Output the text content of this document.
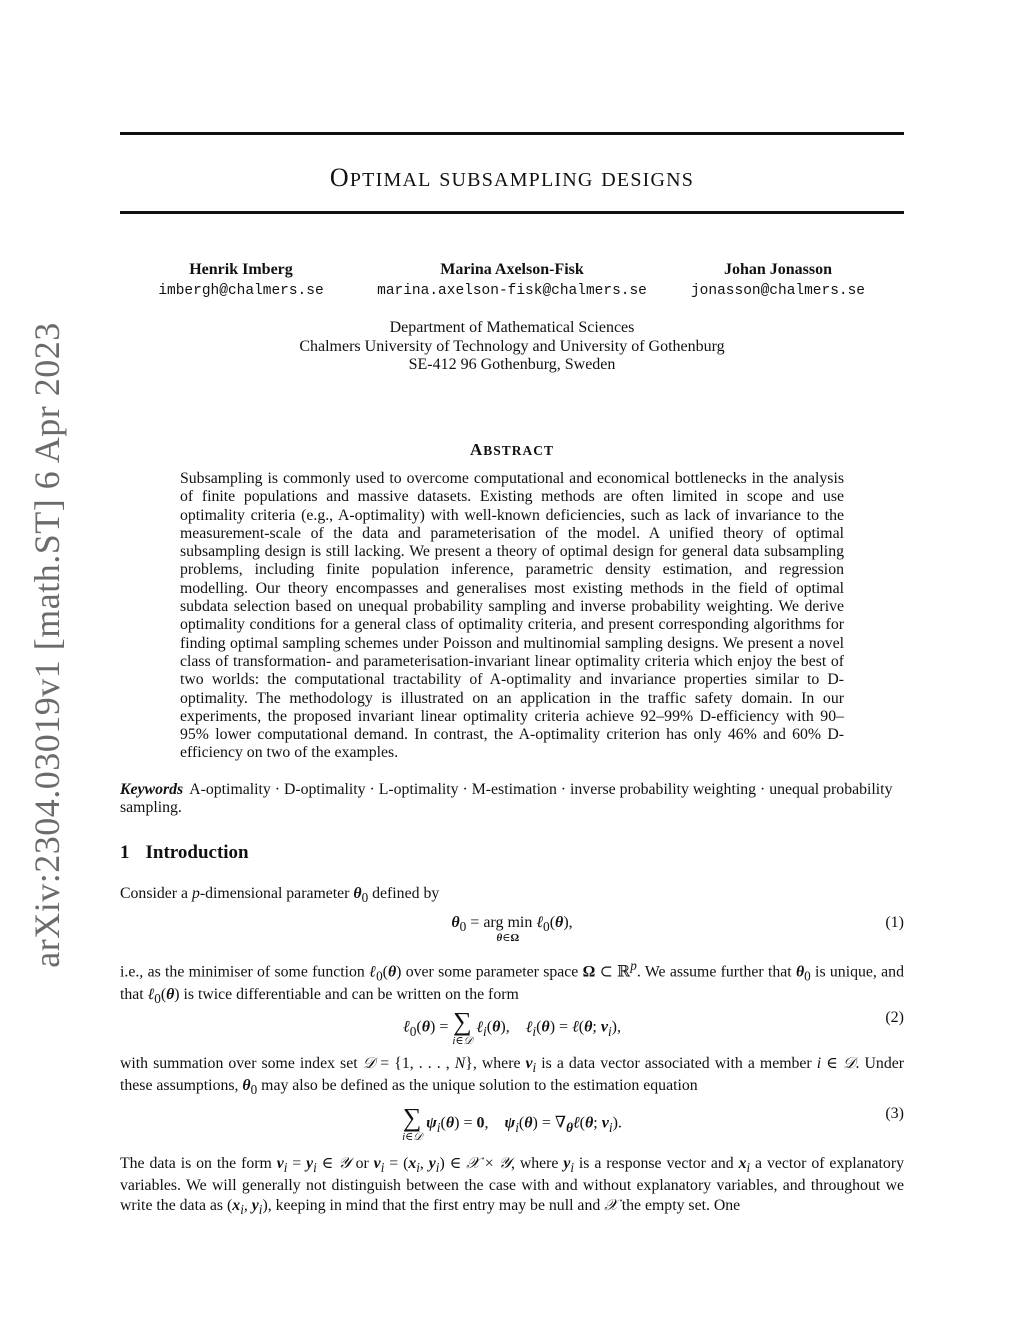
arXiv:2304.03019v1 [math.ST] 6 Apr 2023
OPTIMAL SUBSAMPLING DESIGNS
Henrik Imberg
imbergh@chalmers.se
Marina Axelson-Fisk
marina.axelson-fisk@chalmers.se
Johan Jonasson
jonasson@chalmers.se
Department of Mathematical Sciences
Chalmers University of Technology and University of Gothenburg
SE-412 96 Gothenburg, Sweden
ABSTRACT
Subsampling is commonly used to overcome computational and economical bottlenecks in the analysis of finite populations and massive datasets. Existing methods are often limited in scope and use optimality criteria (e.g., A-optimality) with well-known deficiencies, such as lack of invariance to the measurement-scale of the data and parameterisation of the model. A unified theory of optimal subsampling design is still lacking. We present a theory of optimal design for general data subsampling problems, including finite population inference, parametric density estimation, and regression modelling. Our theory encompasses and generalises most existing methods in the field of optimal subdata selection based on unequal probability sampling and inverse probability weighting. We derive optimality conditions for a general class of optimality criteria, and present corresponding algorithms for finding optimal sampling schemes under Poisson and multinomial sampling designs. We present a novel class of transformation- and parameterisation-invariant linear optimality criteria which enjoy the best of two worlds: the computational tractability of A-optimality and invariance properties similar to D-optimality. The methodology is illustrated on an application in the traffic safety domain. In our experiments, the proposed invariant linear optimality criteria achieve 92–99% D-efficiency with 90–95% lower computational demand. In contrast, the A-optimality criterion has only 46% and 60% D-efficiency on two of the examples.
Keywords A-optimality · D-optimality · L-optimality · M-estimation · inverse probability weighting · unequal probability sampling.
1 Introduction
Consider a p-dimensional parameter $\theta_0$ defined by
$\theta_0$ = arg min
θ∈Ω
ℓ$_0$(θ),	(1)
i.e., as the minimiser of some function ℓ$_0$(θ) over some parameter space Ω ⊂ ℝ$^p$. We assume further that $\theta_0$ is unique, and that ℓ$_0$(θ) is twice differentiable and can be written on the form
ℓ$_0$(θ) = ∑
i∈𝒟
ℓ$_i$(θ),    ℓ$_i$(θ) = ℓ(θ; $v_i$),
(2)
with summation over some index set 𝒟 = {1, . . . , N}, where $v_i$ is a data vector associated with a member i ∈ 𝒟. Under these assumptions, $\theta_0$ may also be defined as the unique solution to the estimation equation
∑
i∈𝒟
$\psi_i(\theta) = 0$,    $\psi_i(\theta)$ = $\nabla_\theta\ell(\theta$; $v_i$).
(3)
The data is on the form $v_i = y_i$ ∈ 𝒴 or $v_i = (x_i$, $y_i$) ∈ 𝒳 × 𝒴, where $y_i$ is a response vector and $x_i$ a vector of explanatory variables. We will generally not distinguish between the case with and without explanatory variables, and throughout we write the data as ($x_i$, $y_i$), keeping in mind that the first entry may be null and 𝒳 the empty set. One
